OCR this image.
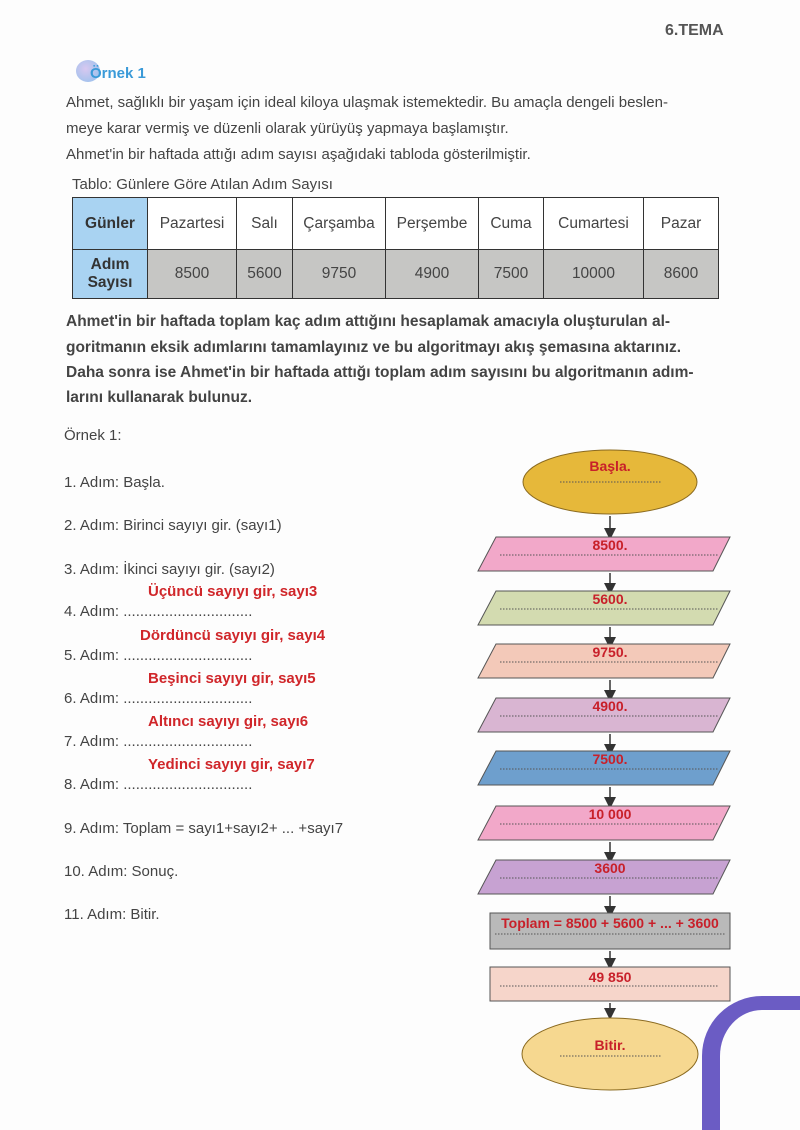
6.TEMA
Örnek 1
Ahmet, sağlıklı bir yaşam için ideal kiloya ulaşmak istemektedir. Bu amaçla dengeli beslen-
meye karar vermiş ve düzenli olarak yürüyüş yapmaya başlamıştır.
Ahmet'in bir haftada attığı adım sayısı aşağıdaki tabloda gösterilmiştir.
Tablo: Günlere Göre Atılan Adım Sayısı
Günler	Pazartesi	Salı	Çarşamba	Perşembe	Cuma	Cumartesi	Pazar
Adım
Sayısı	8500	5600	9750	4900	7500	10000	8600
Ahmet'in bir haftada toplam kaç adım attığını hesaplamak amacıyla oluşturulan al-
goritmanın eksik adımlarını tamamlayınız ve bu algoritmayı akış şemasına aktarınız.
Daha sonra ise Ahmet'in bir haftada attığı toplam adım sayısını bu algoritmanın adım-
larını kullanarak bulunuz.
Örnek 1:
1. Adım: Başla.
2. Adım: Birinci sayıyı gir. (sayı1)
3. Adım: İkinci sayıyı gir. (sayı2)
4. Adım: ...............................
5. Adım: ...............................
6. Adım: ...............................
7. Adım: ...............................
8. Adım: ...............................
9. Adım: Toplam = sayı1+sayı2+ ... +sayı7
10. Adım: Sonuç.
11. Adım: Bitir.
Üçüncü sayıyı gir, sayı3
Dördüncü sayıyı gir, sayı4
Beşinci sayıyı gir, sayı5
Altıncı sayıyı gir, sayı6
Yedinci sayıyı gir, sayı7
Başla.
8500.
5600.
9750.
4900.
7500.
10 000
3600
Toplam = 8500 + 5600 + ... + 3600
49 850
Bitir.
